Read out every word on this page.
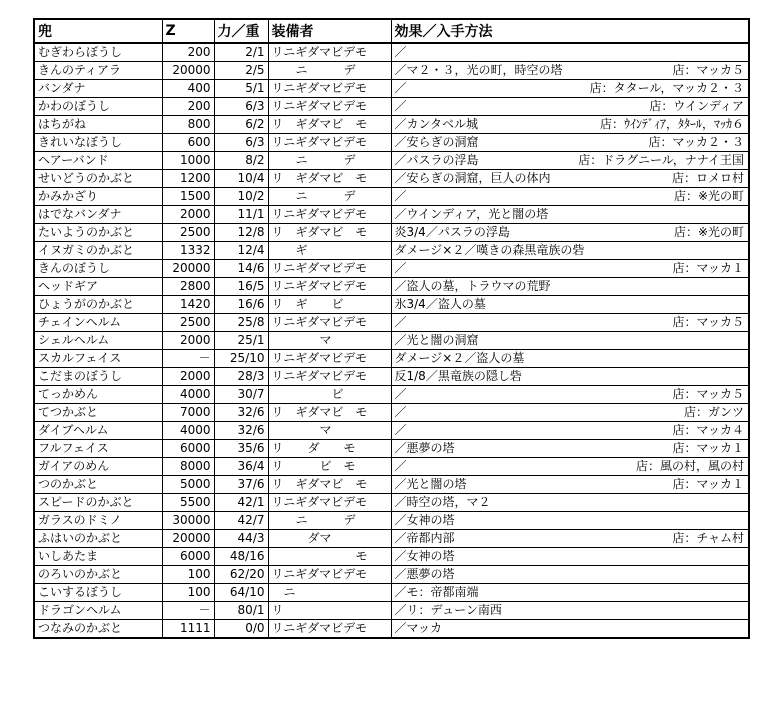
兜	Z	力／重	装備者	効果／入手方法
むぎわらぼうし	200	2/1	リニギダマビデモ	／

きんのティアラ	20000	2/5	　　ニ　　　デ	／マ２・３，光の町，時空の塔 店：マッカ５

バンダナ	400	5/1	リニギダマビデモ	／ 店：タタール，マッカ２・３

かわのぼうし	200	6/3	リニギダマビデモ	／ 店：ウインディア

はちがね	800	6/2	リ　ギダマビ　モ	／カンタベル城 店：ｳｲﾝﾃﾞｨｱ，ﾀﾀｰﾙ，ﾏｯｶ６

きれいなぼうし	600	6/3	リニギダマビデモ	／安らぎの洞窟 店：マッカ２・３

ヘアーバンド	1000	8/2	　　ニ　　　デ	／パスラの浮島 店：ドラグニール，ナナイ王国

せいどうのかぶと	1200	10/4	リ　ギダマビ　モ	／安らぎの洞窟，巨人の体内 店：ロメロ村

かみかざり	1500	10/2	　　ニ　　　デ	／ 店：※光の町

はでなバンダナ	2000	11/1	リニギダマビデモ	／ウインディア，光と闇の塔

たいようのかぶと	2500	12/8	リ　ギダマビ　モ	炎3/4／パスラの浮島 店：※光の町

イヌガミのかぶと	1332	12/4	　　ギ	ダメージ×２／嘆きの森黒竜族の砦

きんのぼうし	20000	14/6	リニギダマビデモ	／ 店：マッカ１

ヘッドギア	2800	16/5	リニギダマビデモ	／盗人の墓，トラウマの荒野

ひょうがのかぶと	1420	16/6	リ　ギ　　ビ	氷3/4／盗人の墓

チェインヘルム	2500	25/8	リニギダマビデモ	／ 店：マッカ５

シェルヘルム	2000	25/1	　　　　マ	／光と闇の洞窟

スカルフェイス	－	25/10	リニギダマビデモ	ダメージ×２／盗人の墓

こだまのぼうし	2000	28/3	リニギダマビデモ	反1/8／黒竜族の隠し砦

てっかめん	4000	30/7	　　　　　ビ	／ 店：マッカ５

てつかぶと	7000	32/6	リ　ギダマビ　モ	／ 店：ガンツ

ダイブヘルム	4000	32/6	　　　　マ	／ 店：マッカ４

フルフェイス	6000	35/6	リ　　ダ　　モ	／悪夢の塔 店：マッカ１

ガイアのめん	8000	36/4	リ　　　ビ　モ	／ 店：風の村，風の村

つのかぶと	5000	37/6	リ　ギダマビ　モ	／光と闇の塔 店：マッカ１

スピードのかぶと	5500	42/1	リニギダマビデモ	／時空の塔，マ２

ガラスのドミノ	30000	42/7	　　ニ　　　デ	／女神の塔

ふはいのかぶと	20000	44/3	　　　ダマ	／帝都内部 店：チャム村

いしあたま	6000	48/16	　　　　　　　モ	／女神の塔

のろいのかぶと	100	62/20	リニギダマビデモ	／悪夢の塔

こいするぼうし	100	64/10	　ニ	／モ：帝都南端

ドラゴンヘルム	－	80/1	リ	／リ：デューン南西

つなみのかぶと	1111	0/0	リニギダマビデモ	／マッカ
